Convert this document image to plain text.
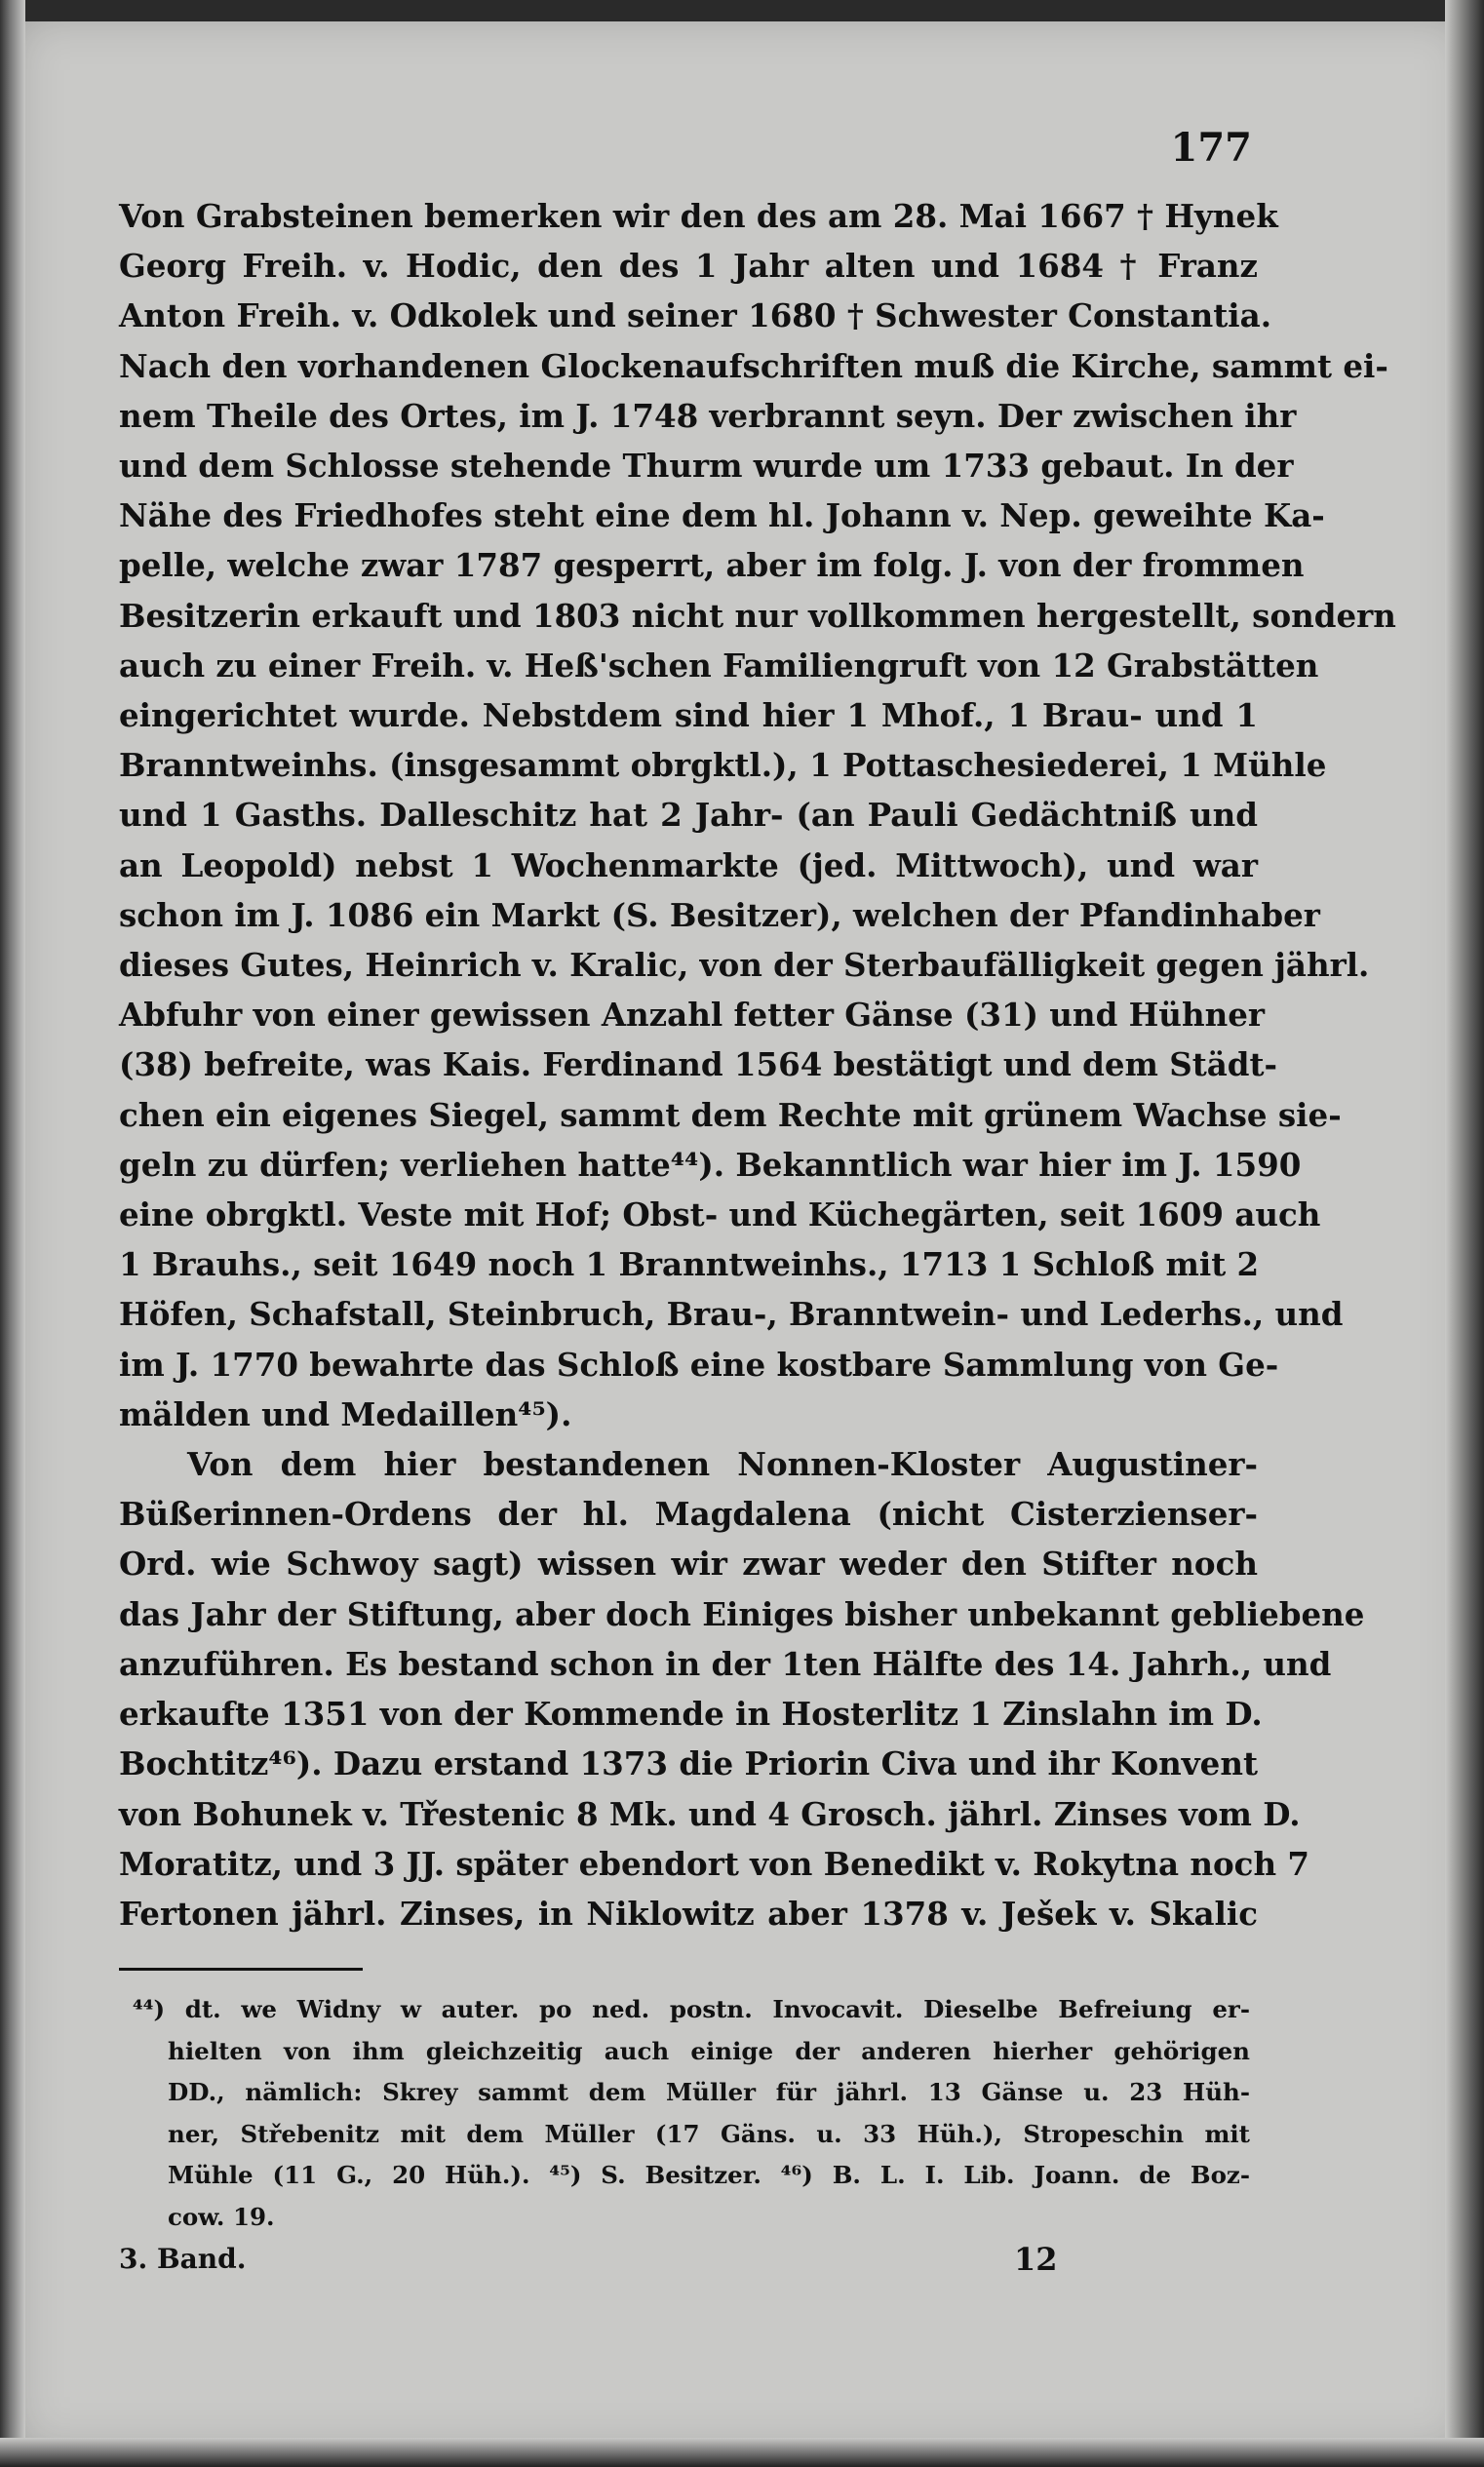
177
Von Grabsteinen bemerken wir den des am 28. Mai 1667 † Hynek
Georg Freih. v. Hodic, den des 1 Jahr alten und 1684 † Franz
Anton Freih. v. Odkolek und seiner 1680 † Schwester Constantia.
Nach den vorhandenen Glockenaufschriften muß die Kirche, sammt ei-
nem Theile des Ortes, im J. 1748 verbrannt seyn. Der zwischen ihr
und dem Schlosse stehende Thurm wurde um 1733 gebaut. In der
Nähe des Friedhofes steht eine dem hl. Johann v. Nep. geweihte Ka-
pelle, welche zwar 1787 gesperrt, aber im folg. J. von der frommen
Besitzerin erkauft und 1803 nicht nur vollkommen hergestellt, sondern
auch zu einer Freih. v. Heß'schen Familiengruft von 12 Grabstätten
eingerichtet wurde. Nebstdem sind hier 1 Mhof., 1 Brau- und 1
Branntweinhs. (insgesammt obrgktl.), 1 Pottaschesiederei, 1 Mühle
und 1 Gasths. Dalleschitz hat 2 Jahr- (an Pauli Gedächtniß und
an Leopold) nebst 1 Wochenmarkte (jed. Mittwoch), und war
schon im J. 1086 ein Markt (S. Besitzer), welchen der Pfandinhaber
dieses Gutes, Heinrich v. Kralic, von der Sterbaufälligkeit gegen jährl.
Abfuhr von einer gewissen Anzahl fetter Gänse (31) und Hühner
(38) befreite, was Kais. Ferdinand 1564 bestätigt und dem Städt-
chen ein eigenes Siegel, sammt dem Rechte mit grünem Wachse sie-
geln zu dürfen; verliehen hatte⁴⁴). Bekanntlich war hier im J. 1590
eine obrgktl. Veste mit Hof; Obst- und Küchegärten, seit 1609 auch
1 Brauhs., seit 1649 noch 1 Branntweinhs., 1713 1 Schloß mit 2
Höfen, Schafstall, Steinbruch, Brau-, Branntwein- und Lederhs., und
im J. 1770 bewahrte das Schloß eine kostbare Sammlung von Ge-
mälden und Medaillen⁴⁵).
Von dem hier bestandenen Nonnen-Kloster Augustiner-
Büßerinnen-Ordens der hl. Magdalena (nicht Cisterzienser-
Ord. wie Schwoy sagt) wissen wir zwar weder den Stifter noch
das Jahr der Stiftung, aber doch Einiges bisher unbekannt gebliebene
anzuführen. Es bestand schon in der 1ten Hälfte des 14. Jahrh., und
erkaufte 1351 von der Kommende in Hosterlitz 1 Zinslahn im D.
Bochtitz⁴⁶). Dazu erstand 1373 die Priorin Civa und ihr Konvent
von Bohunek v. Třestenic 8 Mk. und 4 Grosch. jährl. Zinses vom D.
Moratitz, und 3 JJ. später ebendort von Benedikt v. Rokytna noch 7
Fertonen jährl. Zinses, in Niklowitz aber 1378 v. Ješek v. Skalic
⁴⁴) dt. we Widny w auter. po ned. postn. Invocavit. Dieselbe Befreiung er-
hielten von ihm gleichzeitig auch einige der anderen hierher gehörigen
DD., nämlich: Skrey sammt dem Müller für jährl. 13 Gänse u. 23 Hüh-
ner, Střebenitz mit dem Müller (17 Gäns. u. 33 Hüh.), Stropeschin mit
Mühle (11 G., 20 Hüh.). ⁴⁵) S. Besitzer. ⁴⁶) B. L. I. Lib. Joann. de Boz-
cow. 19.
3. Band.	12
